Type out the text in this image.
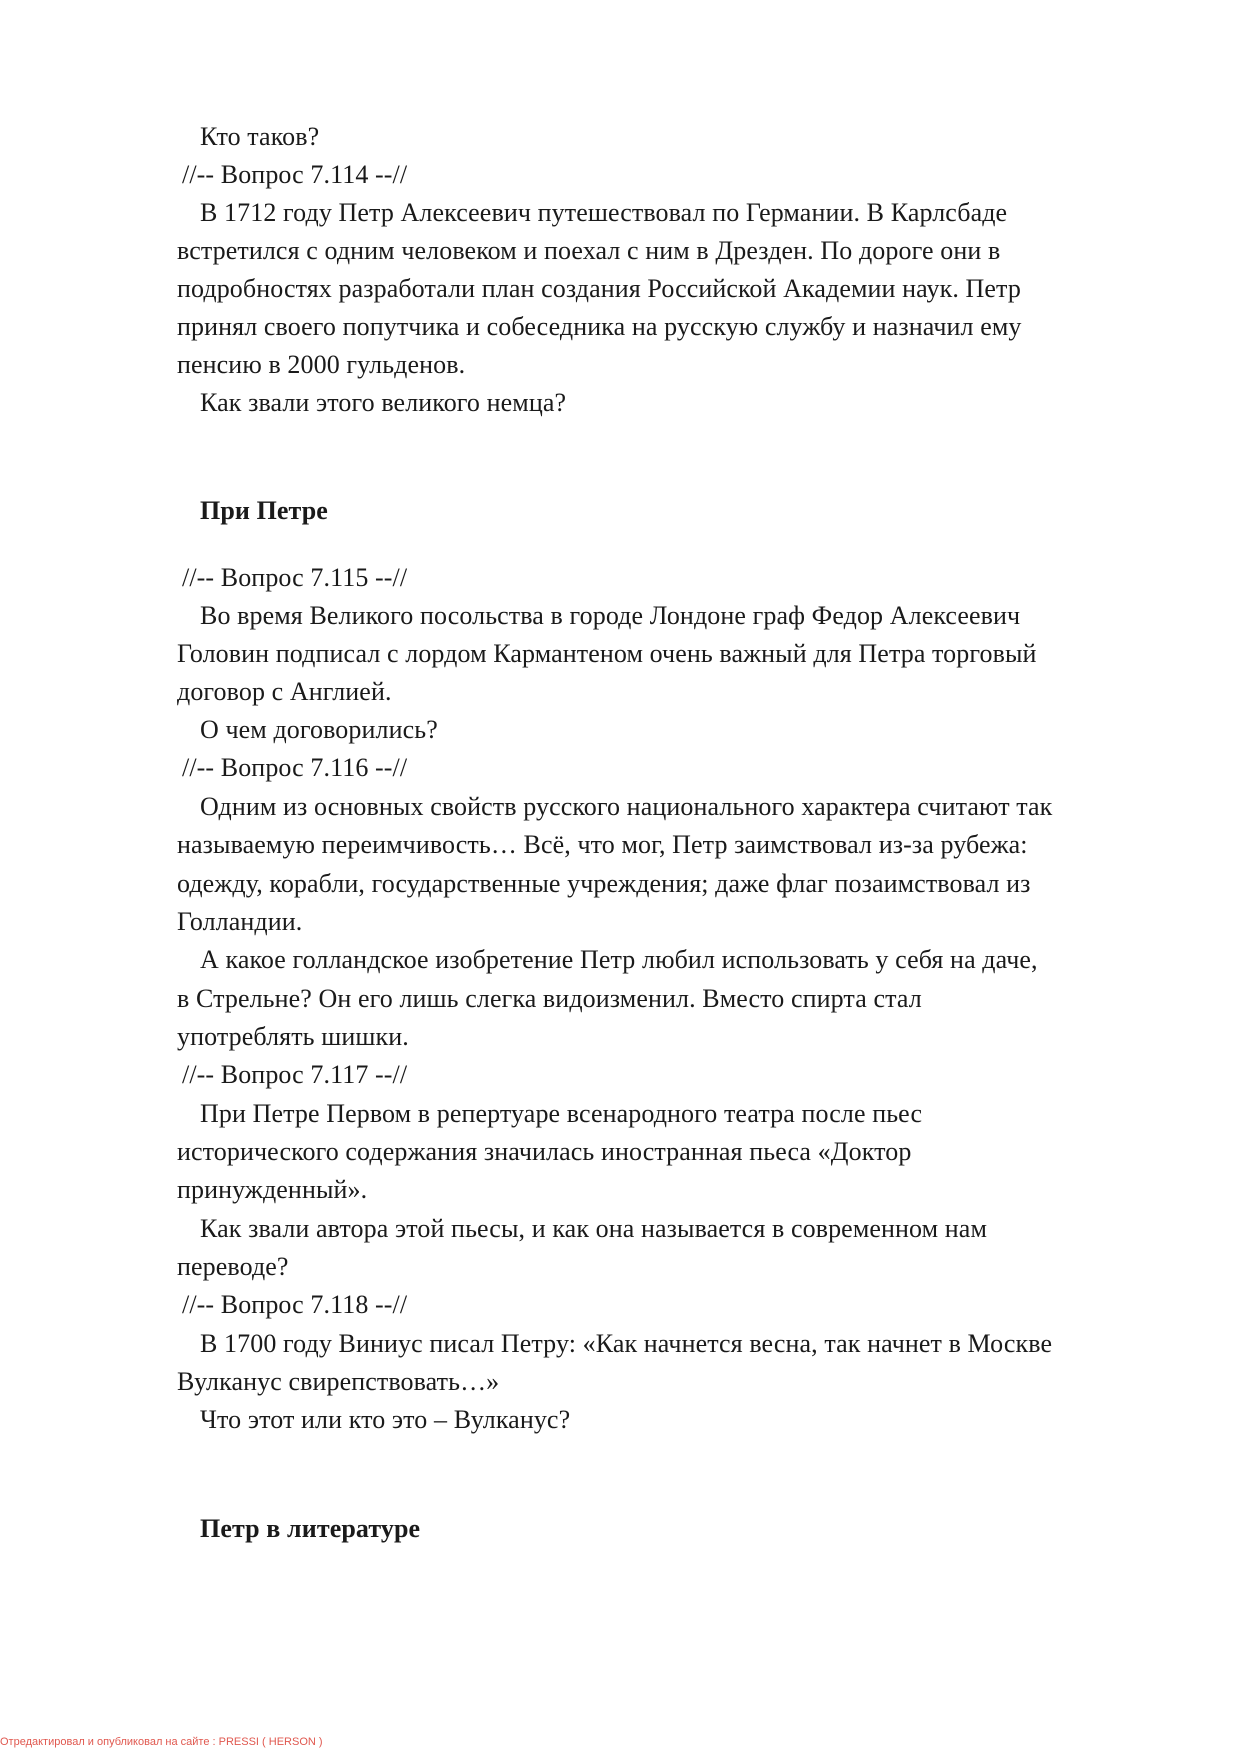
Кто таков?
//-- Вопрос 7.114 --//
В 1712 году Петр Алексеевич путешествовал по Германии. В Карлсбаде
встретился с одним человеком и поехал с ним в Дрезден. По дороге они в
подробностях разработали план создания Российской Академии наук. Петр
принял своего попутчика и собеседника на русскую службу и назначил ему
пенсию в 2000 гульденов.
Как звали этого великого немца?
При Петре
//-- Вопрос 7.115 --//
Во время Великого посольства в городе Лондоне граф Федор Алексеевич
Головин подписал с лордом Кармантеном очень важный для Петра торговый
договор с Англией.
О чем договорились?
//-- Вопрос 7.116 --//
Одним из основных свойств русского национального характера считают так
называемую переимчивость… Всё, что мог, Петр заимствовал из-за рубежа:
одежду, корабли, государственные учреждения; даже флаг позаимствовал из
Голландии.
А какое голландское изобретение Петр любил использовать у себя на даче,
в Стрельне? Он его лишь слегка видоизменил. Вместо спирта стал
употреблять шишки.
//-- Вопрос 7.117 --//
При Петре Первом в репертуаре всенародного театра после пьес
исторического содержания значилась иностранная пьеса «Доктор
принужденный».
Как звали автора этой пьесы, и как она называется в современном нам
переводе?
//-- Вопрос 7.118 --//
В 1700 году Виниус писал Петру: «Как начнется весна, так начнет в Москве
Вулканус свирепствовать…»
Что этот или кто это – Вулканус?
Петр в литературе
Отредактировал и опубликовал на сайте : PRESSI ( HERSON )
